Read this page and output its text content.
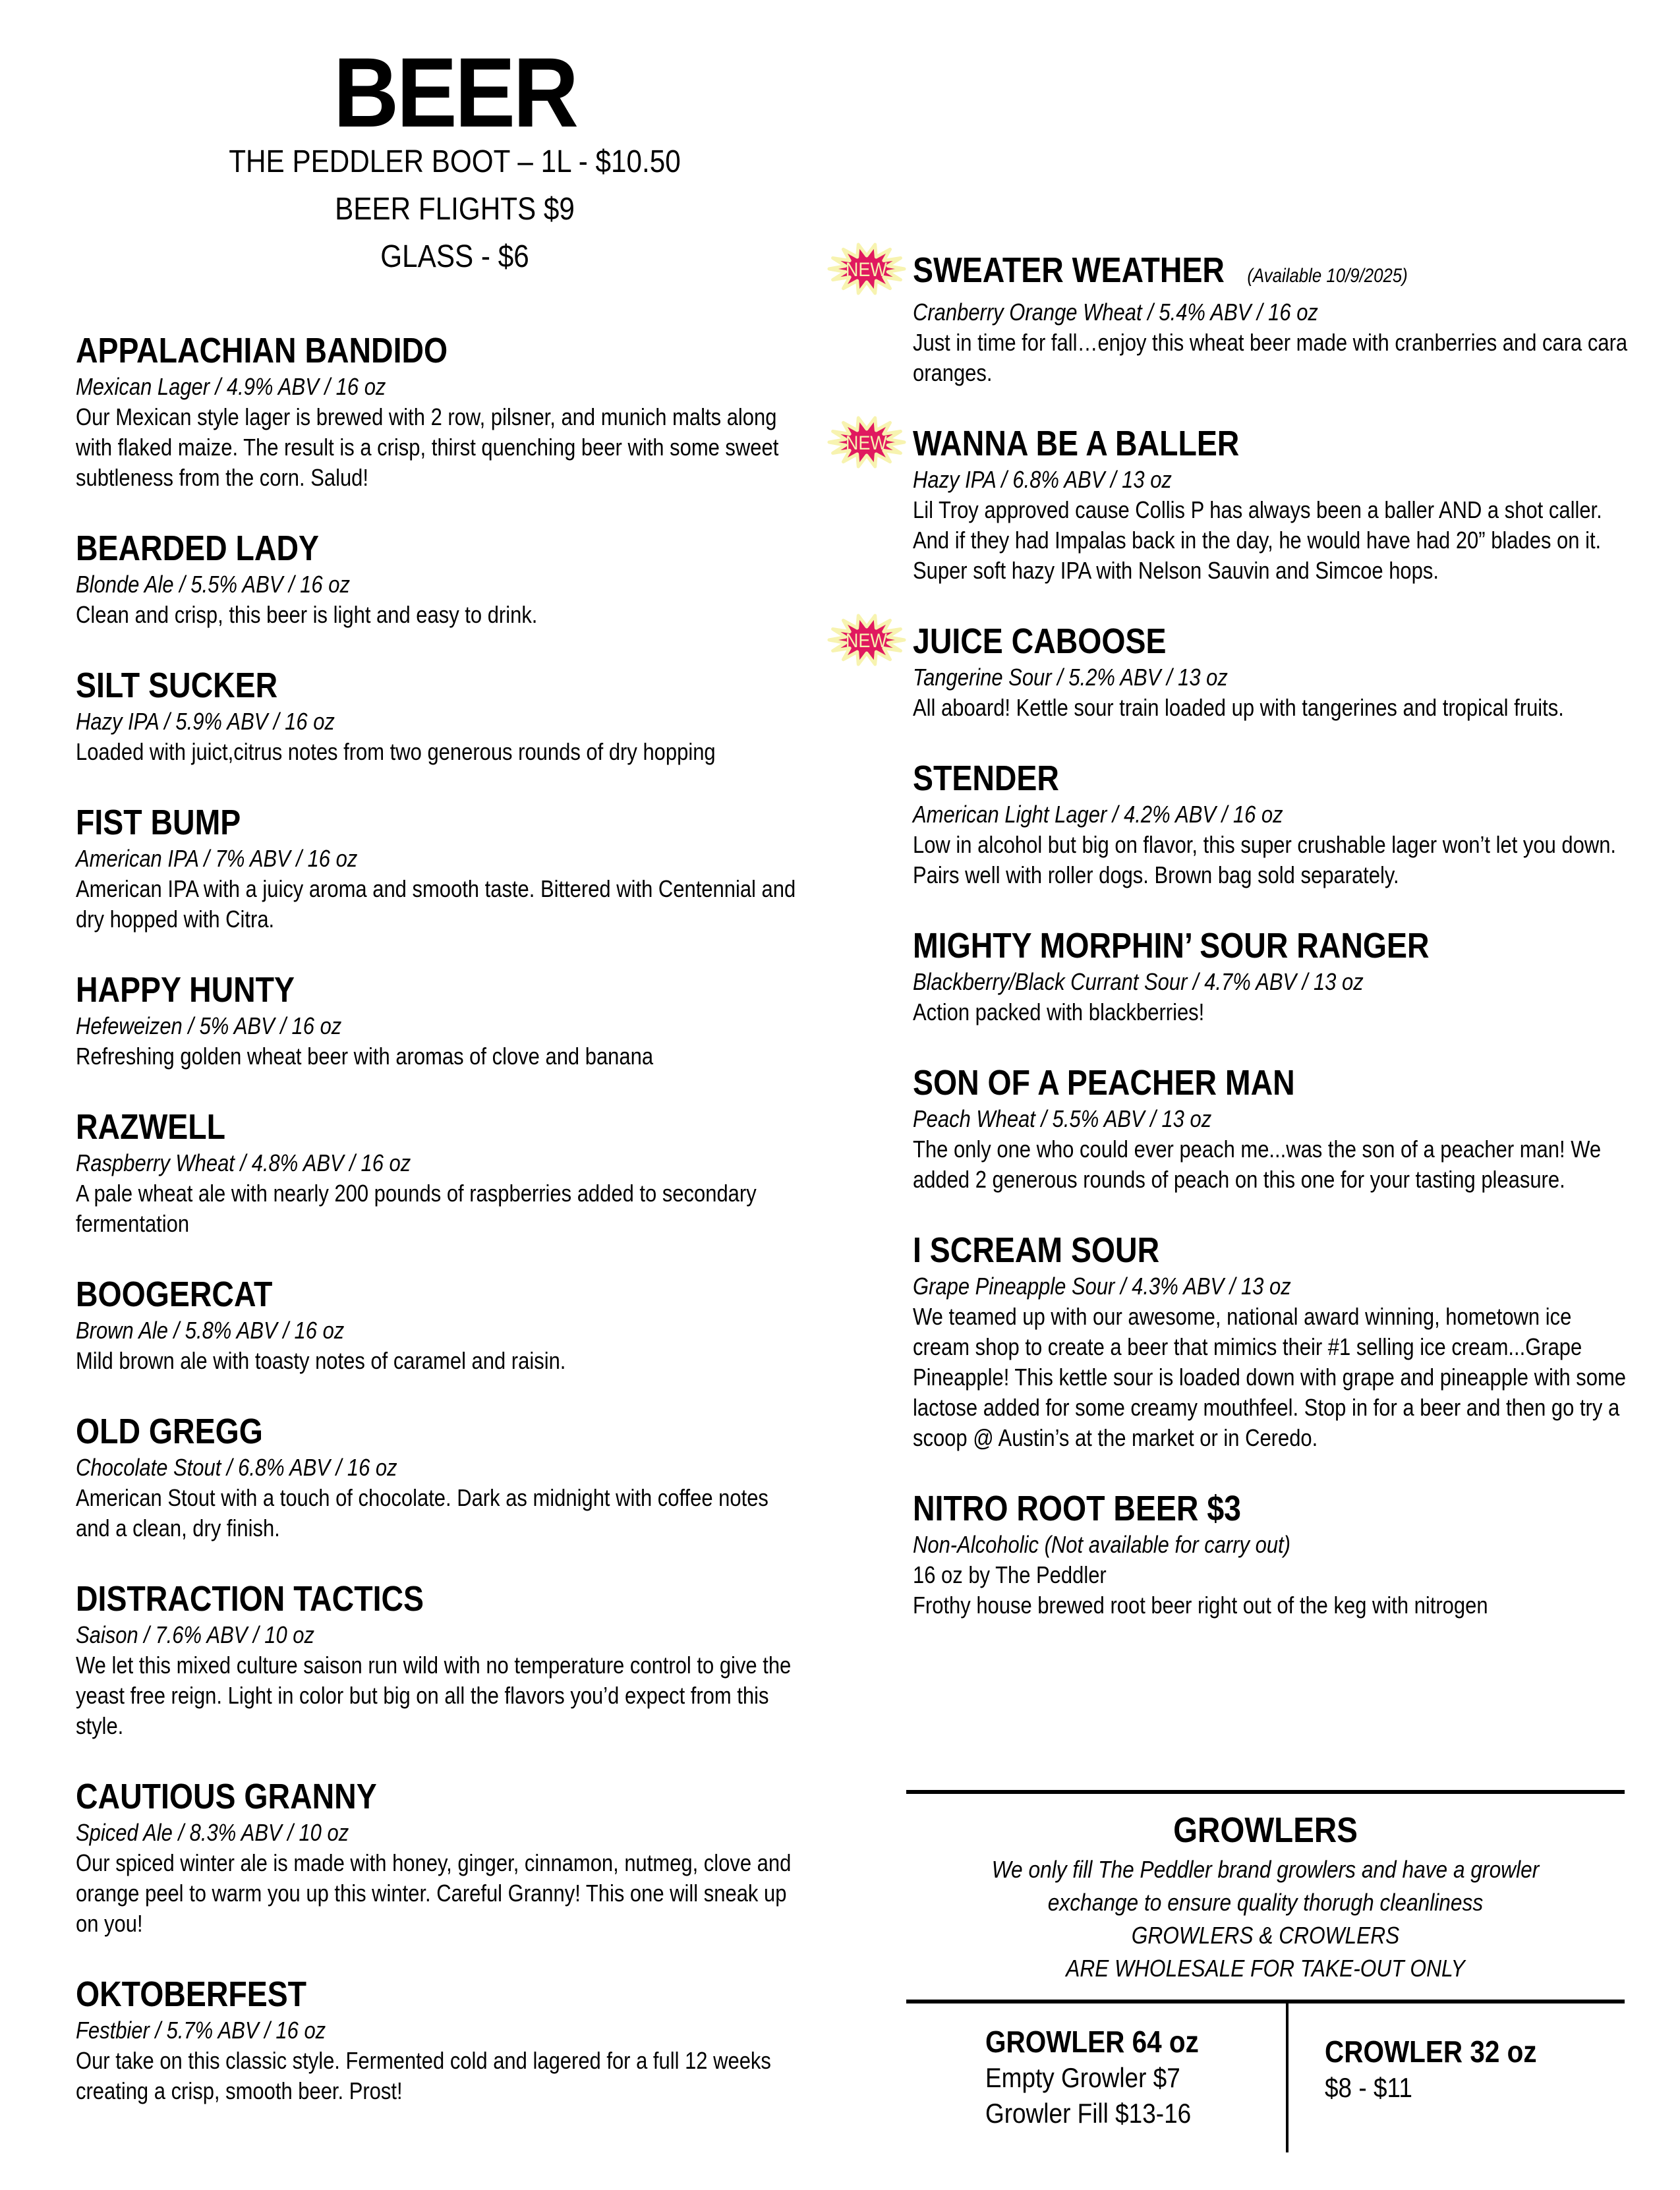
BEER
THE PEDDLER BOOT – 1L - $10.50
BEER FLIGHTS $9
GLASS - $6
APPALACHIAN BANDIDO
Mexican Lager / 4.9% ABV / 16 oz
Our Mexican style lager is brewed with 2 row, pilsner, and munich malts along with flaked maize. The result is a crisp, thirst quenching beer with some sweet subtleness from the corn. Salud!
BEARDED LADY
Blonde Ale / 5.5% ABV / 16 oz
Clean and crisp, this beer is light and easy to drink.
SILT SUCKER
Hazy IPA / 5.9% ABV / 16 oz
Loaded with juict,citrus notes from two generous rounds of dry hopping
FIST BUMP
American IPA / 7% ABV / 16 oz
American IPA with a juicy aroma and smooth taste. Bittered with Centennial and dry hopped with Citra.
HAPPY HUNTY
Hefeweizen / 5% ABV / 16 oz
Refreshing golden wheat beer with aromas of clove and banana
RAZWELL
Raspberry Wheat / 4.8% ABV / 16 oz
A pale wheat ale with nearly 200 pounds of raspberries added to secondary fermentation
BOOGERCAT
Brown Ale / 5.8% ABV / 16 oz
Mild brown ale with toasty notes of caramel and raisin.
OLD GREGG
Chocolate Stout / 6.8% ABV / 16 oz
American Stout with a touch of chocolate. Dark as midnight with coffee notes and a clean, dry finish.
DISTRACTION TACTICS
Saison / 7.6% ABV / 10 oz
We let this mixed culture saison run wild with no temperature control to give the yeast free reign. Light in color but big on all the flavors you’d expect from this style.
CAUTIOUS GRANNY
Spiced Ale / 8.3% ABV / 10 oz
Our spiced winter ale is made with honey, ginger, cinnamon, nutmeg, clove and orange peel to warm you up this winter. Careful Granny! This one will sneak up on you!
OKTOBERFEST
Festbier / 5.7% ABV / 16 oz
Our take on this classic style. Fermented cold and lagered for a full 12 weeks creating a crisp, smooth beer. Prost!
NEW SWEATER WEATHER (Available 10/9/2025)
Cranberry Orange Wheat / 5.4% ABV / 16 oz
Just in time for fall…enjoy this wheat beer made with cranberries and cara cara oranges.
NEW WANNA BE A BALLER
Hazy IPA / 6.8% ABV / 13 oz
Lil Troy approved cause Collis P has always been a baller AND a shot caller. And if they had Impalas back in the day, he would have had 20” blades on it. Super soft hazy IPA with Nelson Sauvin and Simcoe hops.
NEW JUICE CABOOSE
Tangerine Sour / 5.2% ABV / 13 oz
All aboard! Kettle sour train loaded up with tangerines and tropical fruits.
STENDER
American Light Lager / 4.2% ABV / 16 oz
Low in alcohol but big on flavor, this super crushable lager won’t let you down. Pairs well with roller dogs. Brown bag sold separately.
MIGHTY MORPHIN’ SOUR RANGER
Blackberry/Black Currant Sour / 4.7% ABV / 13 oz
Action packed with blackberries!
SON OF A PEACHER MAN
Peach Wheat / 5.5% ABV / 13 oz
The only one who could ever peach me...was the son of a peacher man! We added 2 generous rounds of peach on this one for your tasting pleasure.
I SCREAM SOUR
Grape Pineapple Sour / 4.3% ABV / 13 oz
We teamed up with our awesome, national award winning, hometown ice cream shop to create a beer that mimics their #1 selling ice cream...Grape Pineapple! This kettle sour is loaded down with grape and pineapple with some lactose added for some creamy mouthfeel. Stop in for a beer and then go try a scoop @ Austin’s at the market or in Ceredo.
NITRO ROOT BEER $3
Non-Alcoholic (Not available for carry out)
16 oz by The Peddler
Frothy house brewed root beer right out of the keg with nitrogen
GROWLERS
We only fill The Peddler brand growlers and have a growler
exchange to ensure quality thorugh cleanliness
GROWLERS & CROWLERS
ARE WHOLESALE FOR TAKE-OUT ONLY
GROWLER 64 oz
Empty Growler $7
Growler Fill $13-16
CROWLER 32 oz
$8 - $11
